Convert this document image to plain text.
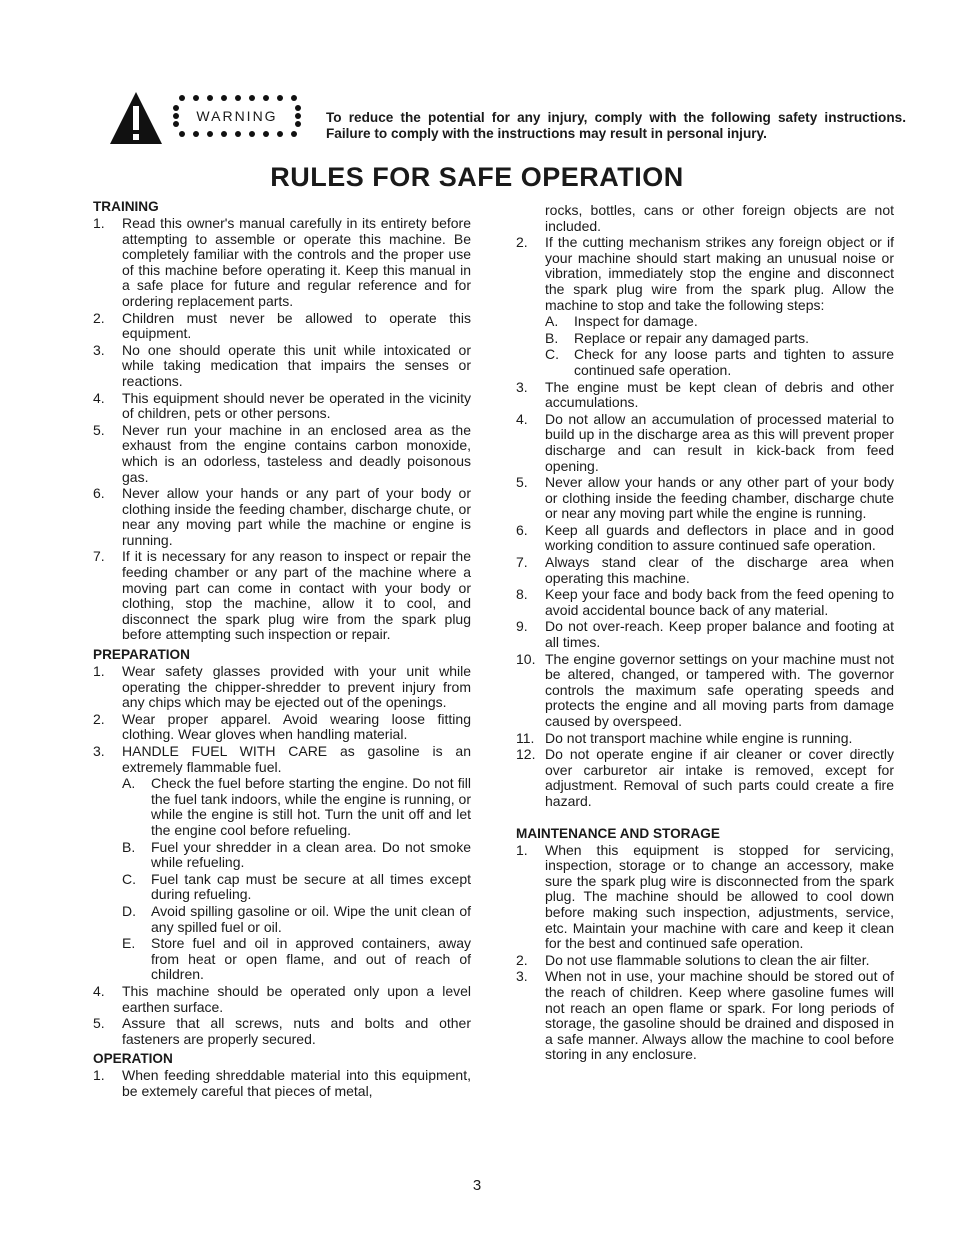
WARNING	To reduce the potential for any injury, comply with the following safety instructions. Failure to comply with the instructions may result in personal injury.
RULES FOR SAFE OPERATION
TRAINING
1.	Read this owner's manual carefully in its entirety before attempting to assemble or operate this machine. Be completely familiar with the controls and the proper use of this machine before operating it. Keep this manual in a safe place for future and regular reference and for ordering replacement parts.
2.	Children must never be allowed to operate this equipment.
3.	No one should operate this unit while intoxicated or while taking medication that impairs the senses or reactions.
4.	This equipment should never be operated in the vicinity of children, pets or other persons.
5.	Never run your machine in an enclosed area as the exhaust from the engine contains carbon monoxide, which is an odorless, tasteless and deadly poisonous gas.
6.	Never allow your hands or any part of your body or clothing inside the feeding chamber, discharge chute, or near any moving part while the machine or engine is running.
7.	If it is necessary for any reason to inspect or repair the feeding chamber or any part of the machine where a moving part can come in contact with your body or clothing, stop the machine, allow it to cool, and disconnect the spark plug wire from the spark plug before attempting such inspection or repair.
PREPARATION
1.	Wear safety glasses provided with your unit while operating the chipper-shredder to prevent injury from any chips which may be ejected out of the openings.
2.	Wear proper apparel. Avoid wearing loose fitting clothing. Wear gloves when handling material.
3.	HANDLE FUEL WITH CARE as gasoline is an extremely flammable fuel.
A. Check the fuel before starting the engine. Do not fill the fuel tank indoors, while the engine is running, or while the engine is still hot. Turn the unit off and let the engine cool before refueling.
B. Fuel your shredder in a clean area. Do not smoke while refueling.
C. Fuel tank cap must be secure at all times except during refueling.
D. Avoid spilling gasoline or oil. Wipe the unit clean of any spilled fuel or oil.
E. Store fuel and oil in approved containers, away from heat or open flame, and out of reach of children.
4.	This machine should be operated only upon a level earthen surface.
5.	Assure that all screws, nuts and bolts and other fasteners are properly secured.
OPERATION
1.	When feeding shreddable material into this equipment, be extemely careful that pieces of metal,
rocks, bottles, cans or other foreign objects are not included.
2.	If the cutting mechanism strikes any foreign object or if your machine should start making an unusual noise or vibration, immediately stop the engine and disconnect the spark plug wire from the spark plug. Allow the machine to stop and take the following steps:
A. Inspect for damage.
B. Replace or repair any damaged parts.
C. Check for any loose parts and tighten to assure continued safe operation.
3.	The engine must be kept clean of debris and other accumulations.
4.	Do not allow an accumulation of processed material to build up in the discharge area as this will prevent proper discharge and can result in kick-back from feed opening.
5.	Never allow your hands or any other part of your body or clothing inside the feeding chamber, discharge chute or near any moving part while the engine is running.
6.	Keep all guards and deflectors in place and in good working condition to assure continued safe operation.
7.	Always stand clear of the discharge area when operating this machine.
8.	Keep your face and body back from the feed opening to avoid accidental bounce back of any material.
9.	Do not over-reach. Keep proper balance and footing at all times.
10. The engine governor settings on your machine must not be altered, changed, or tampered with. The governor controls the maximum safe operating speeds and protects the engine and all moving parts from damage caused by overspeed.
11. Do not transport machine while engine is running.
12. Do not operate engine if air cleaner or cover directly over carburetor air intake is removed, except for adjustment. Removal of such parts could create a fire hazard.
MAINTENANCE AND STORAGE
1.	When this equipment is stopped for servicing, inspection, storage or to change an accessory, make sure the spark plug wire is disconnected from the spark plug. The machine should be allowed to cool down before making such inspection, adjustments, service, etc. Maintain your machine with care and keep it clean for the best and continued safe operation.
2.	Do not use flammable solutions to clean the air filter.
3.	When not in use, your machine should be stored out of the reach of children. Keep where gasoline fumes will not reach an open flame or spark. For long periods of storage, the gasoline should be drained and disposed in a safe manner. Always allow the machine to cool before storing in any enclosure.
3
